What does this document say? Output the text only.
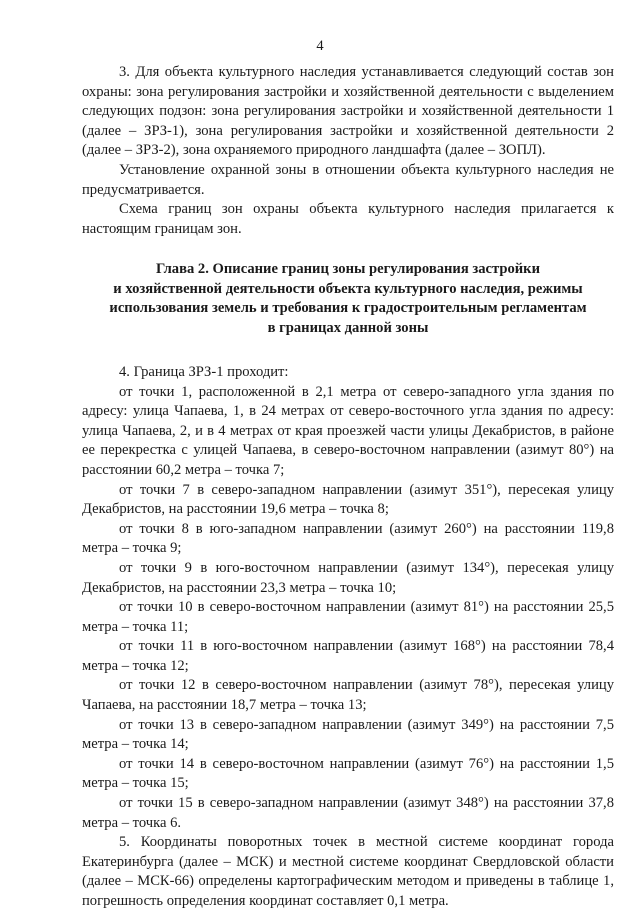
4

3. Для объекта культурного наследия устанавливается следующий состав зон охраны: зона регулирования застройки и хозяйственной деятельности с выделением следующих подзон: зона регулирования застройки и хозяйственной деятельности 1 (далее – ЗРЗ-1), зона регулирования застройки и хозяйственной деятельности 2 (далее – ЗРЗ-2), зона охраняемого природного ландшафта (далее – ЗОПЛ).

Установление охранной зоны в отношении объекта культурного наследия не предусматривается.

Схема границ зон охраны объекта культурного наследия прилагается к настоящим границам зон.

Глава 2. Описание границ зоны регулирования застройки
и хозяйственной деятельности объекта культурного наследия, режимы
использования земель и требования к градостроительным регламентам
в границах данной зоны

4. Граница ЗРЗ-1 проходит:

от точки 1, расположенной в 2,1 метра от северо-западного угла здания по адресу: улица Чапаева, 1, в 24 метрах от северо-восточного угла здания по адресу: улица Чапаева, 2, и в 4 метрах от края проезжей части улицы Декабристов, в районе ее перекрестка с улицей Чапаева, в северо-восточном направлении (азимут 80°) на расстоянии 60,2 метра – точка 7;

от точки 7 в северо-западном направлении (азимут 351°), пересекая улицу Декабристов, на расстоянии 19,6 метра – точка 8;

от точки 8 в юго-западном направлении (азимут 260°) на расстоянии 119,8 метра – точка 9;

от точки 9 в юго-восточном направлении (азимут 134°), пересекая улицу Декабристов, на расстоянии 23,3 метра – точка 10;

от точки 10 в северо-восточном направлении (азимут 81°) на расстоянии 25,5 метра – точка 11;

от точки 11 в юго-восточном направлении (азимут 168°) на расстоянии 78,4 метра – точка 12;

от точки 12 в северо-восточном направлении (азимут 78°), пересекая улицу Чапаева, на расстоянии 18,7 метра – точка 13;

от точки 13 в северо-западном направлении (азимут 349°) на расстоянии 7,5 метра – точка 14;

от точки 14 в северо-восточном направлении (азимут 76°) на расстоянии 1,5 метра – точка 15;

от точки 15 в северо-западном направлении (азимут 348°) на расстоянии 37,8 метра – точка 6.

5. Координаты поворотных точек в местной системе координат города Екатеринбурга (далее – МСК) и местной системе координат Свердловской области (далее – МСК-66) определены картографическим методом и приведены в таблице 1, погрешность определения координат составляет 0,1 метра.
